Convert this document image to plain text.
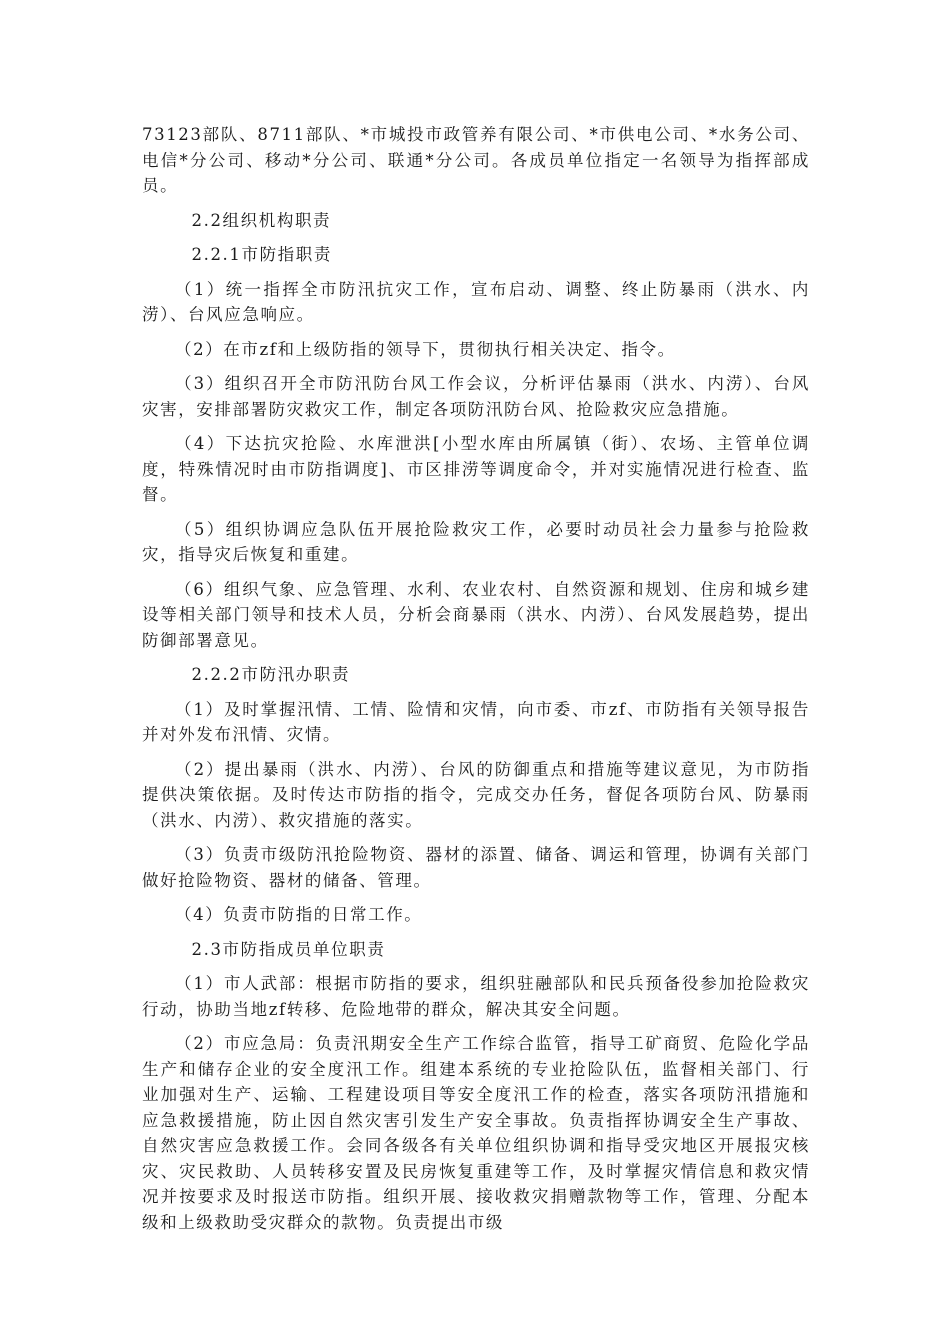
73123部队、8711部队、*市城投市政管养有限公司、*市供电公司、*水务公司、电信*分公司、移动*分公司、联通*分公司。各成员单位指定一名领导为指挥部成员。

2.2组织机构职责

2.2.1市防指职责

（1）统一指挥全市防汛抗灾工作，宣布启动、调整、终止防暴雨（洪水、内涝）、台风应急响应。

（2）在市zf和上级防指的领导下，贯彻执行相关决定、指令。

（3）组织召开全市防汛防台风工作会议，分析评估暴雨（洪水、内涝）、台风灾害，安排部署防灾救灾工作，制定各项防汛防台风、抢险救灾应急措施。

（4）下达抗灾抢险、水库泄洪[小型水库由所属镇（街）、农场、主管单位调度，特殊情况时由市防指调度]、市区排涝等调度命令，并对实施情况进行检查、监督。

（5）组织协调应急队伍开展抢险救灾工作，必要时动员社会力量参与抢险救灾，指导灾后恢复和重建。

（6）组织气象、应急管理、水利、农业农村、自然资源和规划、住房和城乡建设等相关部门领导和技术人员，分析会商暴雨（洪水、内涝）、台风发展趋势，提出防御部署意见。

2.2.2市防汛办职责

（1）及时掌握汛情、工情、险情和灾情，向市委、市zf、市防指有关领导报告并对外发布汛情、灾情。

（2）提出暴雨（洪水、内涝）、台风的防御重点和措施等建议意见，为市防指提供决策依据。及时传达市防指的指令，完成交办任务，督促各项防台风、防暴雨（洪水、内涝）、救灾措施的落实。

（3）负责市级防汛抢险物资、器材的添置、储备、调运和管理，协调有关部门做好抢险物资、器材的储备、管理。

（4）负责市防指的日常工作。

2.3市防指成员单位职责

（1）市人武部：根据市防指的要求，组织驻融部队和民兵预备役参加抢险救灾行动，协助当地zf转移、危险地带的群众，解决其安全问题。

（2）市应急局：负责汛期安全生产工作综合监管，指导工矿商贸、危险化学品生产和储存企业的安全度汛工作。组建本系统的专业抢险队伍，监督相关部门、行业加强对生产、运输、工程建设项目等安全度汛工作的检查，落实各项防汛措施和应急救援措施，防止因自然灾害引发生产安全事故。负责指挥协调安全生产事故、自然灾害应急救援工作。会同各级各有关单位组织协调和指导受灾地区开展报灾核灾、灾民救助、人员转移安置及民房恢复重建等工作，及时掌握灾情信息和救灾情况并按要求及时报送市防指。组织开展、接收救灾捐赠款物等工作，管理、分配本级和上级救助受灾群众的款物。负责提出市级
